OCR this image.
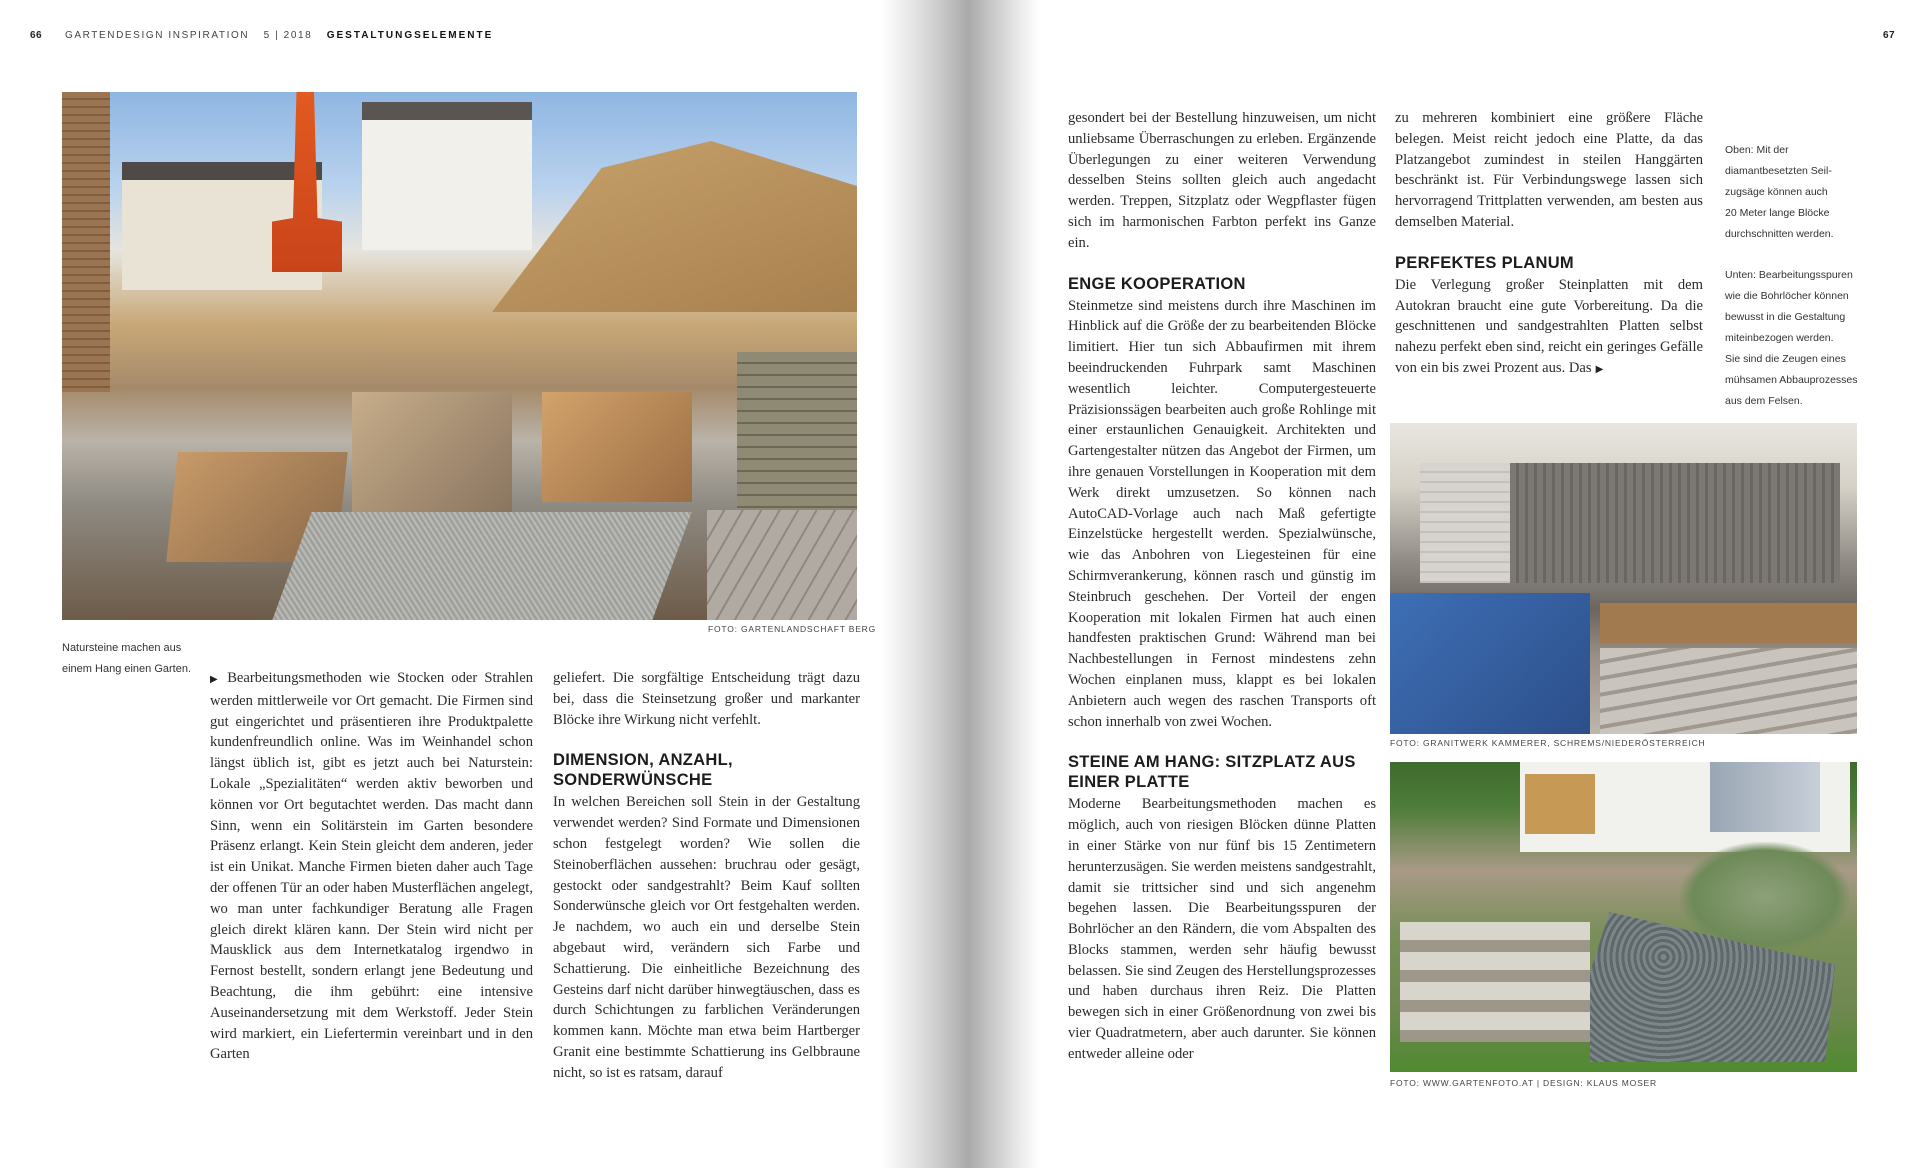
66 GARTENDESIGN INSPIRATION 5 | 2018 GESTALTUNGSELEMENTE	67
FOTO: GARTENLANDSCHAFT BERG
Natursteine machen aus
einem Hang einen Garten.

▶ Bearbeitungsmethoden wie Stocken oder Strahlen werden mittlerweile vor Ort gemacht. Die Firmen sind gut eingerichtet und präsentieren ihre Produktpalette kundenfreundlich online. Was im Weinhandel schon längst üblich ist, gibt es jetzt auch bei Naturstein: Lokale „Spezialitäten“ werden aktiv beworben und können vor Ort begutachtet werden. Das macht dann Sinn, wenn ein Solitärstein im Garten besondere Präsenz erlangt. Kein Stein gleicht dem anderen, jeder ist ein Unikat. Manche Firmen bieten daher auch Tage der offenen Tür an oder haben Musterflächen angelegt, wo man unter fachkundiger Beratung alle Fragen gleich direkt klären kann. Der Stein wird nicht per Mausklick aus dem Internetkatalog irgendwo in Fernost bestellt, sondern erlangt jene Bedeutung und Beachtung, die ihm gebührt: eine intensive Auseinandersetzung mit dem Werkstoff. Jeder Stein wird markiert, ein Liefertermin vereinbart und in den Garten

geliefert. Die sorgfältige Entscheidung trägt dazu bei, dass die Steinsetzung großer und markanter Blöcke ihre Wirkung nicht verfehlt.

DIMENSION, ANZAHL, SONDERWÜNSCHE

In welchen Bereichen soll Stein in der Gestaltung verwendet werden? Sind Formate und Dimensionen schon festgelegt worden? Wie sollen die Steinoberflächen aussehen: bruchrau oder gesägt, gestockt oder sandgestrahlt? Beim Kauf sollten Sonderwünsche gleich vor Ort festgehalten werden. Je nachdem, wo auch ein und derselbe Stein abgebaut wird, verändern sich Farbe und Schattierung. Die einheitliche Bezeichnung des Gesteins darf nicht darüber hinwegtäuschen, dass es durch Schichtungen zu farblichen Veränderungen kommen kann. Möchte man etwa beim Hartberger Granit eine bestimmte Schattierung ins Gelbbraune nicht, so ist es ratsam, darauf

gesondert bei der Bestellung hinzuweisen, um nicht unliebsame Überraschungen zu erleben. Ergänzende Überlegungen zu einer weiteren Verwendung desselben Steins sollten gleich auch angedacht werden. Treppen, Sitzplatz oder Wegpflaster fügen sich im harmonischen Farbton perfekt ins Ganze ein.

ENGE KOOPERATION

Steinmetze sind meistens durch ihre Maschinen im Hinblick auf die Größe der zu bearbeitenden Blöcke limitiert. Hier tun sich Abbaufirmen mit ihrem beeindruckenden Fuhrpark samt Maschinen wesentlich leichter. Computergesteuerte Präzisionssägen bearbeiten auch große Rohlinge mit einer erstaunlichen Genauigkeit. Architekten und Gartengestalter nützen das Angebot der Firmen, um ihre genauen Vorstellungen in Kooperation mit dem Werk direkt umzusetzen. So können nach AutoCAD-Vorlage auch nach Maß gefertigte Einzelstücke hergestellt werden. Spezialwünsche, wie das Anbohren von Liegesteinen für eine Schirmverankerung, können rasch und günstig im Steinbruch geschehen. Der Vorteil der engen Kooperation mit lokalen Firmen hat auch einen handfesten praktischen Grund: Während man bei Nachbestellungen in Fernost mindestens zehn Wochen einplanen muss, klappt es bei lokalen Anbietern auch wegen des raschen Transports oft schon innerhalb von zwei Wochen.

STEINE AM HANG: SITZPLATZ AUS EINER PLATTE

Moderne Bearbeitungsmethoden machen es möglich, auch von riesigen Blöcken dünne Platten in einer Stärke von nur fünf bis 15 Zentimetern herunterzusägen. Sie werden meistens sandgestrahlt, damit sie trittsicher sind und sich angenehm begehen lassen. Die Bearbeitungsspuren der Bohrlöcher an den Rändern, die vom Abspalten des Blocks stammen, werden sehr häufig bewusst belassen. Sie sind Zeugen des Herstellungsprozesses und haben durchaus ihren Reiz. Die Platten bewegen sich in einer Größenordnung von zwei bis vier Quadratmetern, aber auch darunter. Sie können entweder alleine oder

zu mehreren kombiniert eine größere Fläche belegen. Meist reicht jedoch eine Platte, da das Platzangebot zumindest in steilen Hanggärten beschränkt ist. Für Verbindungswege lassen sich hervorragend Trittplatten verwenden, am besten aus demselben Material.

PERFEKTES PLANUM

Die Verlegung großer Steinplatten mit dem Autokran braucht eine gute Vorbereitung. Da die geschnittenen und sandgestrahlten Platten selbst nahezu perfekt eben sind, reicht ein geringes Gefälle von ein bis zwei Prozent aus. Das ▶

Oben: Mit der
diamantbesetzten Seil-
zugsäge können auch
20 Meter lange Blöcke
durchschnitten werden.
Unten: Bearbeitungsspuren
wie die Bohrlöcher können
bewusst in die Gestaltung
miteinbezogen werden.
Sie sind die Zeugen eines
mühsamen Abbauprozesses
aus dem Felsen.
FOTO: GRANITWERK KAMMERER, SCHREMS/NIEDERÖSTERREICH
FOTO: WWW.GARTENFOTO.AT | DESIGN: KLAUS MOSER
